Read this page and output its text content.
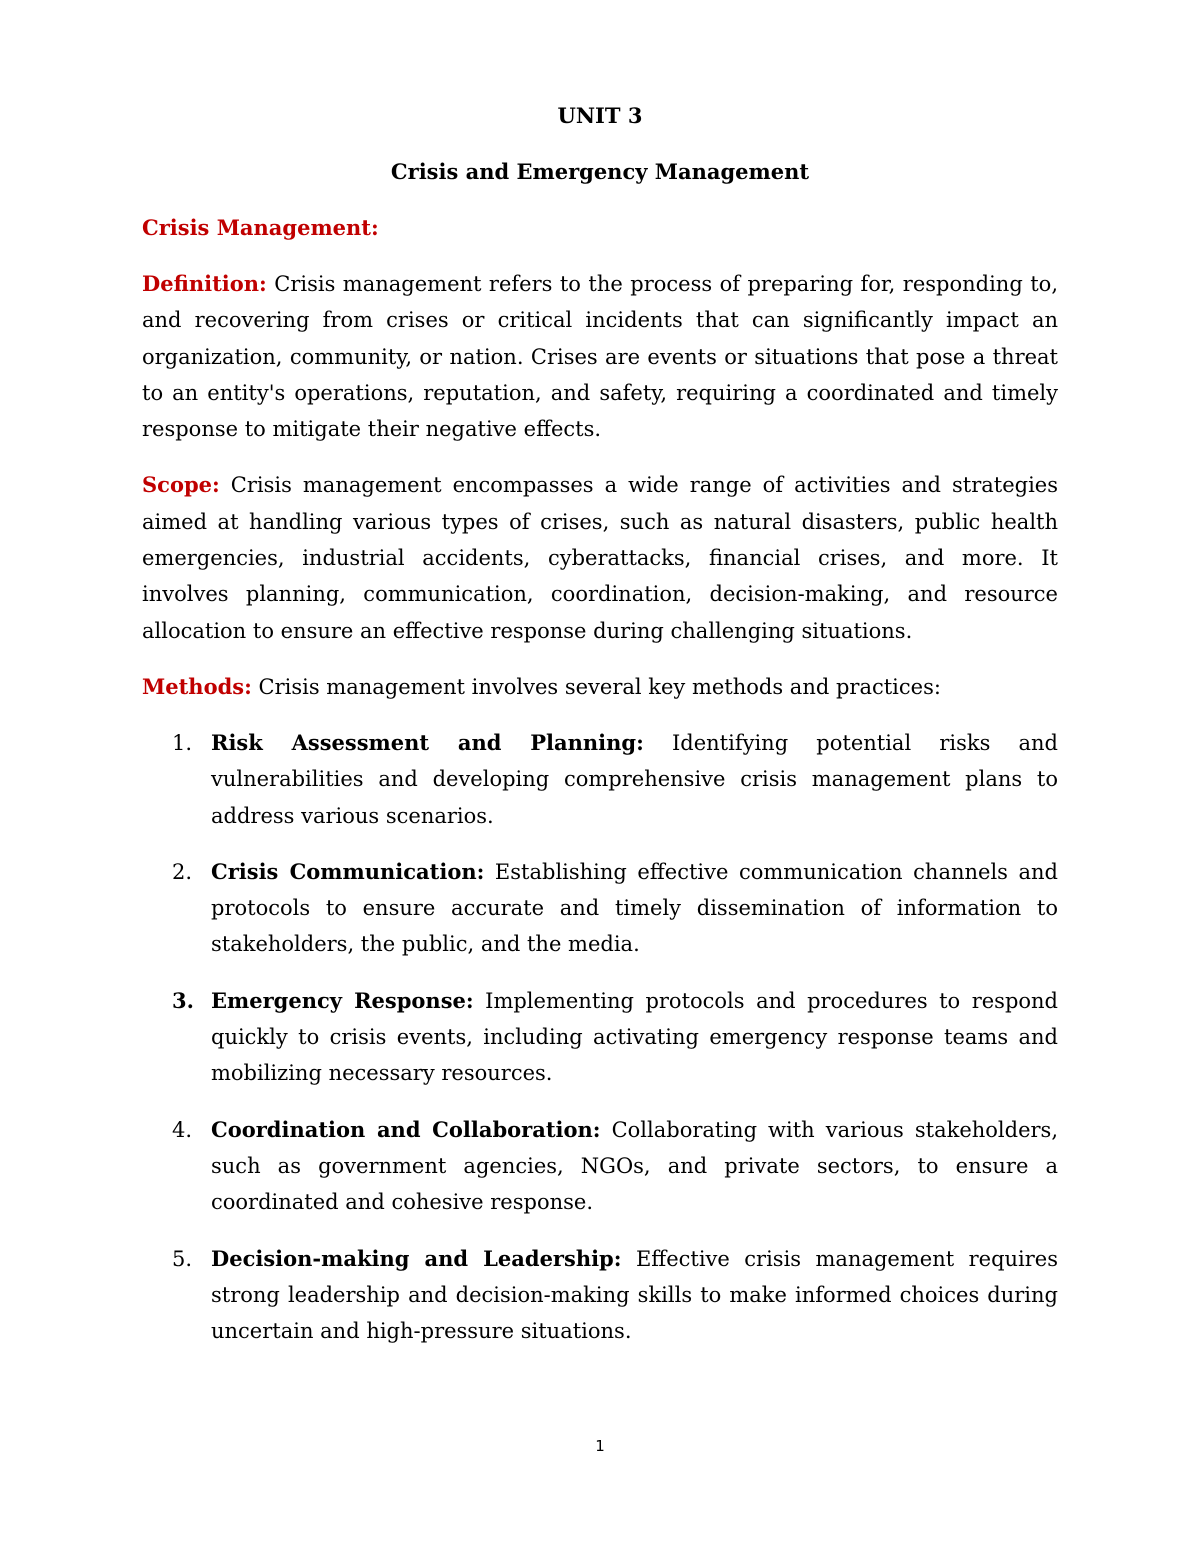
UNIT 3
Crisis and Emergency Management
Crisis Management:

Definition: Crisis management refers to the process of preparing for, responding to, and recovering from crises or critical incidents that can significantly impact an organization, community, or nation. Crises are events or situations that pose a threat to an entity's operations, reputation, and safety, requiring a coordinated and timely response to mitigate their negative effects.

Scope: Crisis management encompasses a wide range of activities and strategies aimed at handling various types of crises, such as natural disasters, public health emergencies, industrial accidents, cyberattacks, financial crises, and more. It involves planning, communication, coordination, decision-making, and resource allocation to ensure an effective response during challenging situations.

Methods: Crisis management involves several key methods and practices:

1. Risk Assessment and Planning: Identifying potential risks and vulnerabilities and developing comprehensive crisis management plans to address various scenarios.
2. Crisis Communication: Establishing effective communication channels and protocols to ensure accurate and timely dissemination of information to stakeholders, the public, and the media.
3. Emergency Response: Implementing protocols and procedures to respond quickly to crisis events, including activating emergency response teams and mobilizing necessary resources.
4. Coordination and Collaboration: Collaborating with various stakeholders, such as government agencies, NGOs, and private sectors, to ensure a coordinated and cohesive response.
5. Decision-making and Leadership: Effective crisis management requires strong leadership and decision-making skills to make informed choices during uncertain and high-pressure situations.
1
